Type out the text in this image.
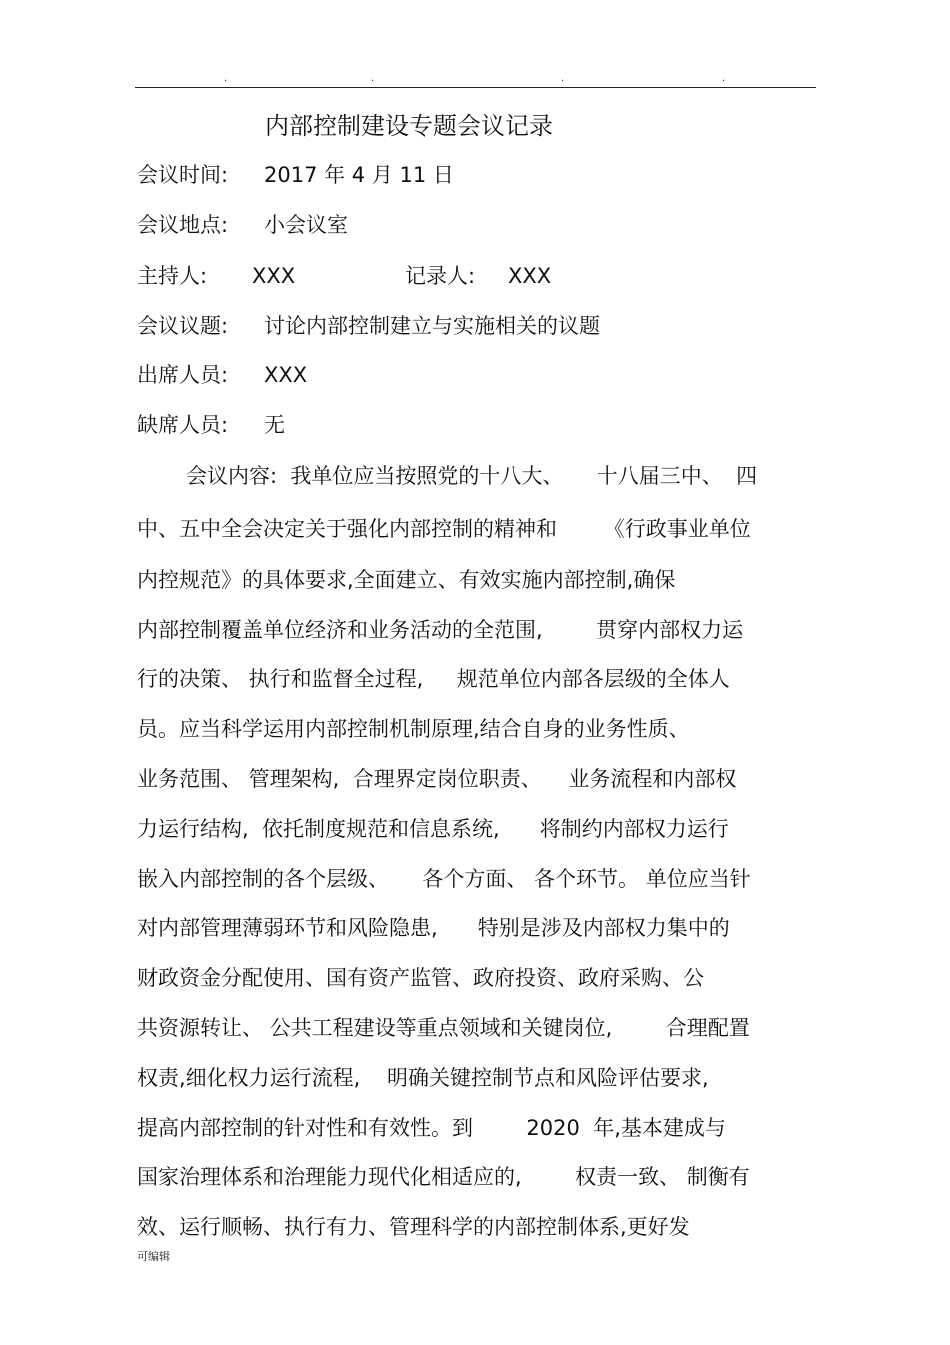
.	.	.	.
内部控制建设专题会议记录
会议时间: 2017 年 4 月 11 日
会议地点: 小会议室
主持人: XXX	记录人: XXX
会议议题: 讨论内部控制建立与实施相关的议题
出席人员: XXX
缺席人员: 无
会议内容:  我单位应当按照党的十八大、     十八届三中、  四
中、五中全会决定关于强化内部控制的精神和       《行政事业单位
内控规范》的具体要求,全面建立、有效实施内部控制,确保
内部控制覆盖单位经济和业务活动的全范围,        贯穿内部权力运
行的决策、 执行和监督全过程,     规范单位内部各层级的全体人
员。应当科学运用内部控制机制原理,结合自身的业务性质、
业务范围、 管理架构,  合理界定岗位职责、    业务流程和内部权
力运行结构,  依托制度规范和信息系统,      将制约内部权力运行
嵌入内部控制的各个层级、     各个方面、 各个环节。 单位应当针
对内部管理薄弱环节和风险隐患,      特别是涉及内部权力集中的
财政资金分配使用、国有资产监管、政府投资、政府采购、公
共资源转让、 公共工程建设等重点领域和关键岗位,        合理配置
权责,细化权力运行流程,    明确关键控制节点和风险评估要求,
提高内部控制的针对性和有效性。到        2020  年,基本建成与
国家治理体系和治理能力现代化相适应的,        权责一致、 制衡有
效、运行顺畅、执行有力、管理科学的内部控制体系,更好发
可编辑
